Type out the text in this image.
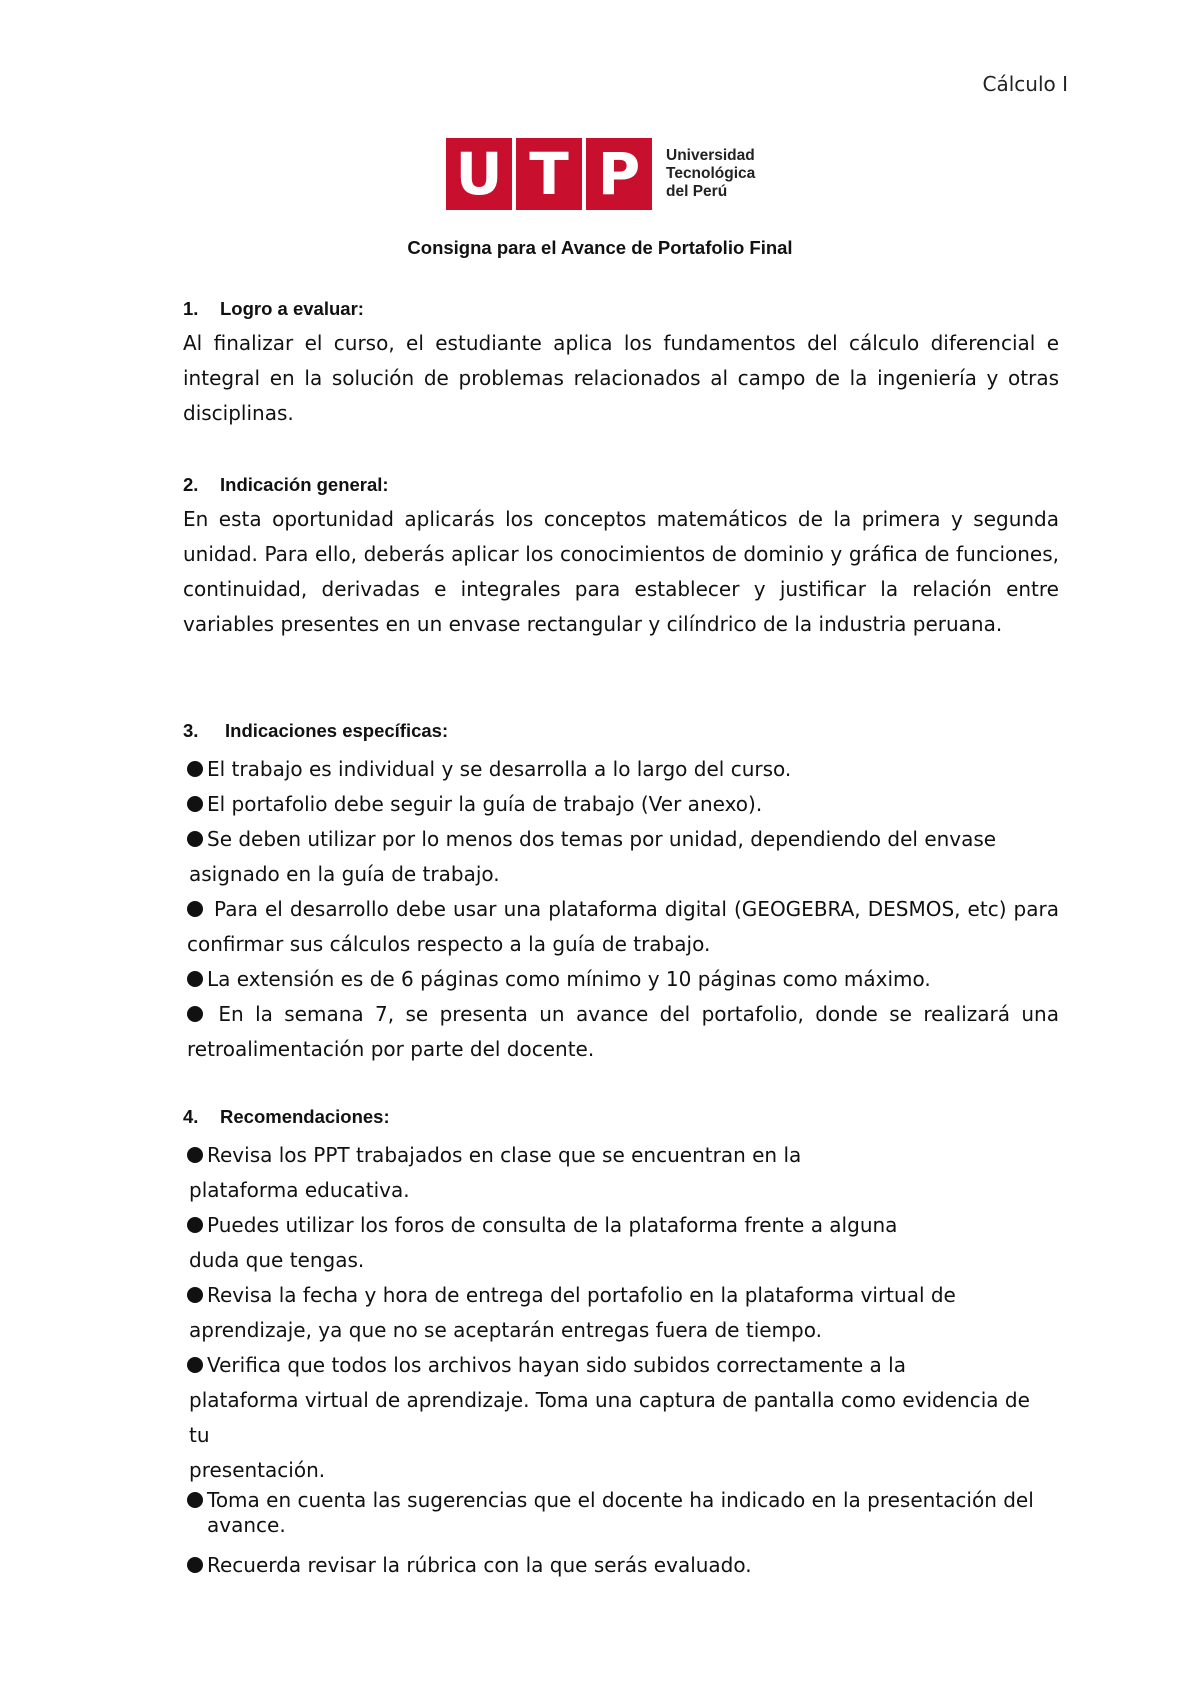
Cálculo I
U T P	Universidad
Tecnológica
del Perú
Consigna para el Avance de Portafolio Final
1. Logro a evaluar:
Al finalizar el curso, el estudiante aplica los fundamentos del cálculo diferencial e integral en la solución de problemas relacionados al campo de la ingeniería y otras disciplinas.
2. Indicación general:
En esta oportunidad aplicarás los conceptos matemáticos de la primera y segunda unidad. Para ello, deberás aplicar los conocimientos de dominio y gráfica de funciones, continuidad, derivadas e integrales para establecer y justificar la relación entre variables presentes en un envase rectangular y cilíndrico de la industria peruana.
3. Indicaciones específicas:
El trabajo es individual y se desarrolla a lo largo del curso.
El portafolio debe seguir la guía de trabajo (Ver anexo).
Se deben utilizar por lo menos dos temas por unidad, dependiendo del envase
asignado en la guía de trabajo.
Para el desarrollo debe usar una plataforma digital (GEOGEBRA, DESMOS, etc) para confirmar sus cálculos respecto a la guía de trabajo.
La extensión es de 6 páginas como mínimo y 10 páginas como máximo.
En la semana 7, se presenta un avance del portafolio, donde se realizará una retroalimentación por parte del docente.
4. Recomendaciones:
Revisa los PPT trabajados en clase que se encuentran en la
plataforma educativa.
Puedes utilizar los foros de consulta de la plataforma frente a alguna
duda que tengas.
Revisa la fecha y hora de entrega del portafolio en la plataforma virtual de
aprendizaje, ya que no se aceptarán entregas fuera de tiempo.
Verifica que todos los archivos hayan sido subidos correctamente a la
plataforma virtual de aprendizaje. Toma una captura de pantalla como evidencia de
tu
presentación.
Toma en cuenta las sugerencias que el docente ha indicado en la presentación del
avance.
Recuerda revisar la rúbrica con la que serás evaluado.
